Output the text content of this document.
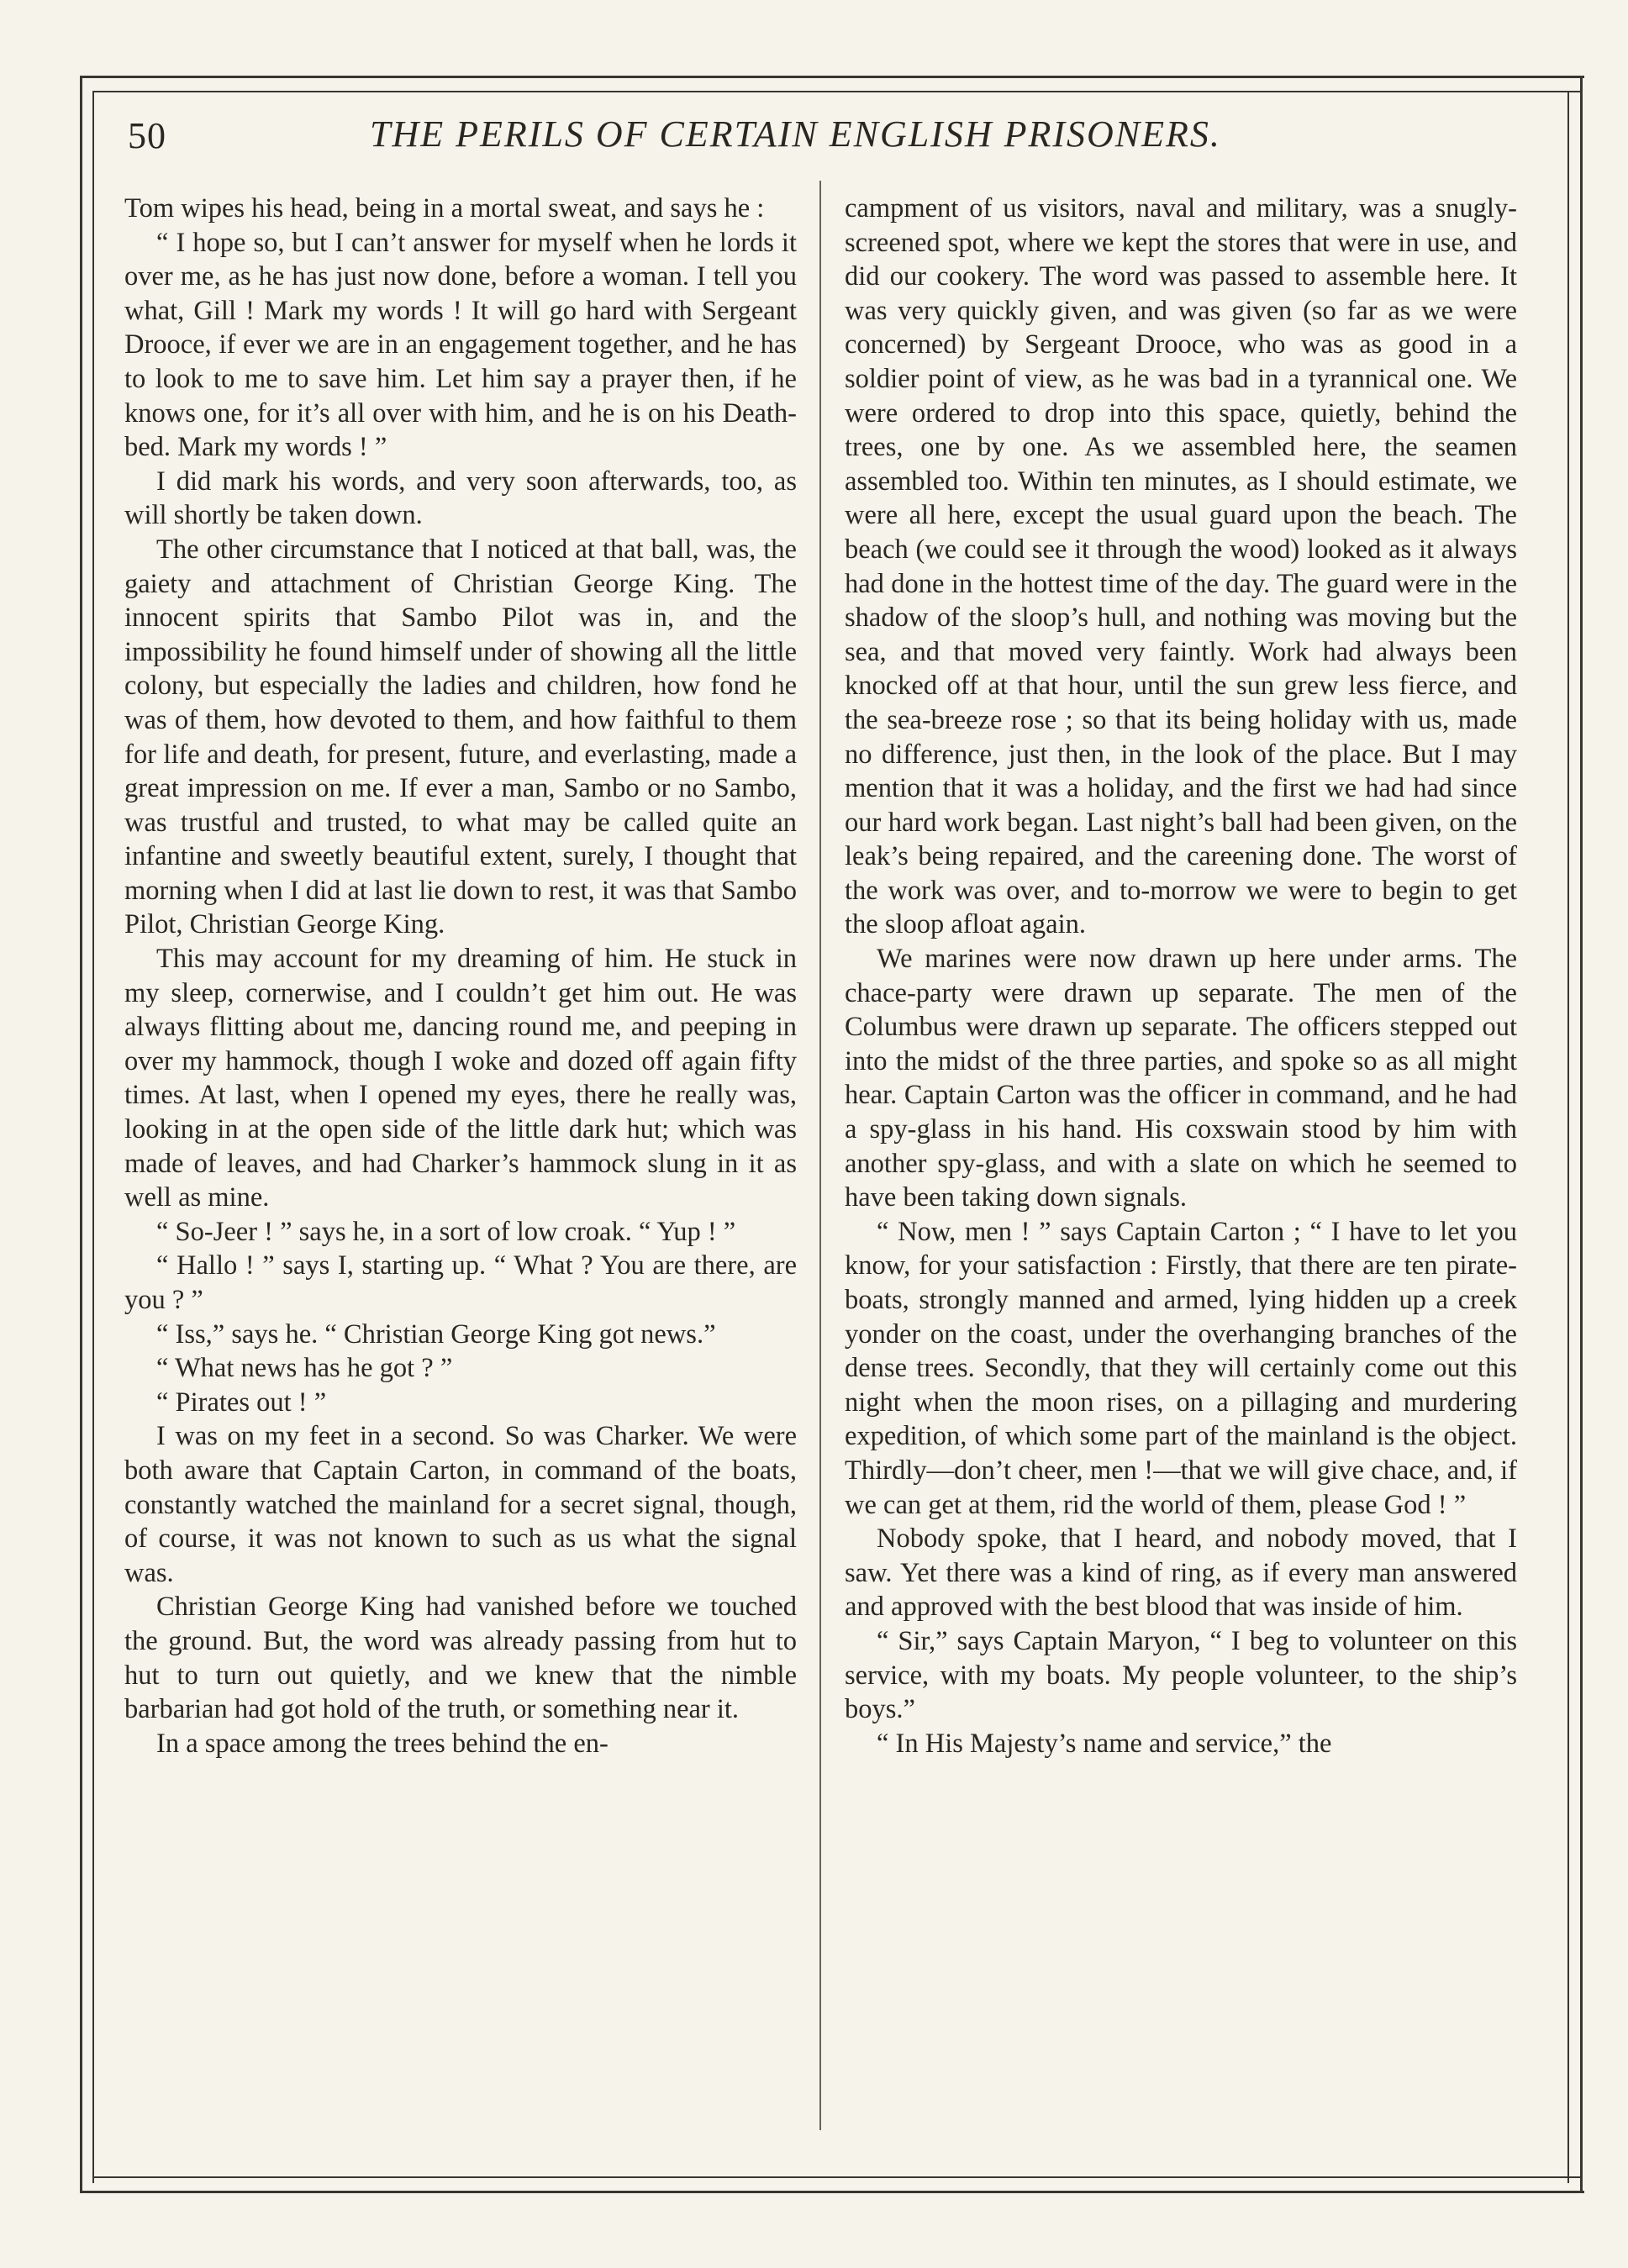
50	THE PERILS OF CERTAIN ENGLISH PRISONERS.

Tom wipes his head, being in a mortal sweat, and says he :

“ I hope so, but I can’t answer for myself when he lords it over me, as he has just now done, before a woman. I tell you what, Gill ! Mark my words ! It will go hard with Sergeant Drooce, if ever we are in an engagement together, and he has to look to me to save him. Let him say a prayer then, if he knows one, for it’s all over with him, and he is on his Death-bed. Mark my words ! ”

I did mark his words, and very soon afterwards, too, as will shortly be taken down.

The other circumstance that I noticed at that ball, was, the gaiety and attachment of Christian George King. The innocent spirits that Sambo Pilot was in, and the impossibility he found himself under of showing all the little colony, but especially the ladies and children, how fond he was of them, how devoted to them, and how faithful to them for life and death, for present, future, and everlasting, made a great impression on me. If ever a man, Sambo or no Sambo, was trustful and trusted, to what may be called quite an infantine and sweetly beautiful extent, surely, I thought that morning when I did at last lie down to rest, it was that Sambo Pilot, Christian George King.

This may account for my dreaming of him. He stuck in my sleep, cornerwise, and I couldn’t get him out. He was always flitting about me, dancing round me, and peeping in over my hammock, though I woke and dozed off again fifty times. At last, when I opened my eyes, there he really was, looking in at the open side of the little dark hut; which was made of leaves, and had Charker’s hammock slung in it as well as mine.

“ So-Jeer ! ” says he, in a sort of low croak. “ Yup ! ”

“ Hallo ! ” says I, starting up. “ What ? You are there, are you ? ”

“ Iss,” says he. “ Christian George King got news.”

“ What news has he got ? ”

“ Pirates out ! ”

I was on my feet in a second. So was Charker. We were both aware that Captain Carton, in command of the boats, constantly watched the mainland for a secret signal, though, of course, it was not known to such as us what the signal was.

Christian George King had vanished before we touched the ground. But, the word was already passing from hut to hut to turn out quietly, and we knew that the nimble barbarian had got hold of the truth, or something near it.

In a space among the trees behind the en-

campment of us visitors, naval and military, was a snugly-screened spot, where we kept the stores that were in use, and did our cookery. The word was passed to assemble here. It was very quickly given, and was given (so far as we were concerned) by Sergeant Drooce, who was as good in a soldier point of view, as he was bad in a tyrannical one. We were ordered to drop into this space, quietly, behind the trees, one by one. As we assembled here, the seamen assembled too. Within ten minutes, as I should estimate, we were all here, except the usual guard upon the beach. The beach (we could see it through the wood) looked as it always had done in the hottest time of the day. The guard were in the shadow of the sloop’s hull, and nothing was moving but the sea, and that moved very faintly. Work had always been knocked off at that hour, until the sun grew less fierce, and the sea-breeze rose ; so that its being holiday with us, made no difference, just then, in the look of the place. But I may mention that it was a holiday, and the first we had had since our hard work began. Last night’s ball had been given, on the leak’s being repaired, and the careening done. The worst of the work was over, and to-morrow we were to begin to get the sloop afloat again.

We marines were now drawn up here under arms. The chace-party were drawn up separate. The men of the Columbus were drawn up separate. The officers stepped out into the midst of the three parties, and spoke so as all might hear. Captain Carton was the officer in command, and he had a spy-glass in his hand. His coxswain stood by him with another spy-glass, and with a slate on which he seemed to have been taking down signals.

“ Now, men ! ” says Captain Carton ; “ I have to let you know, for your satisfaction : Firstly, that there are ten pirate-boats, strongly manned and armed, lying hidden up a creek yonder on the coast, under the overhanging branches of the dense trees. Secondly, that they will certainly come out this night when the moon rises, on a pillaging and murdering expedition, of which some part of the mainland is the object. Thirdly—don’t cheer, men !—that we will give chace, and, if we can get at them, rid the world of them, please God ! ”

Nobody spoke, that I heard, and nobody moved, that I saw. Yet there was a kind of ring, as if every man answered and approved with the best blood that was inside of him.

“ Sir,” says Captain Maryon, “ I beg to volunteer on this service, with my boats. My people volunteer, to the ship’s boys.”

“ In His Majesty’s name and service,” the
